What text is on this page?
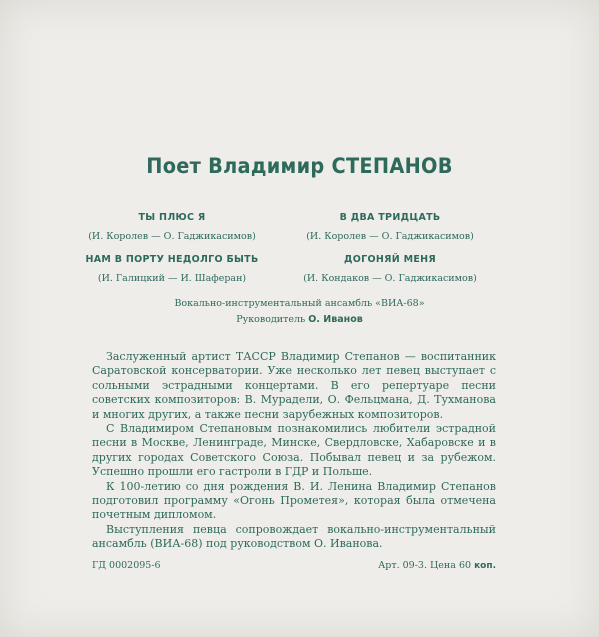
Поет Владимир СТЕПАНОВ
ТЫ ПЛЮС Я
(И. Королев — О. Гаджикасимов)
В ДВА ТРИДЦАТЬ
(И. Королев — О. Гаджикасимов)
НАМ В ПОРТУ НЕДОЛГО БЫТЬ
(И. Галицкий — И. Шаферан)
ДОГОНЯЙ МЕНЯ
(И. Кондаков — О. Гаджикасимов)
Вокально-инструментальный ансамбль «ВИА-68»
Руководитель О. Иванов

Заслуженный артист ТАССР Владимир Степанов — воспитанник Саратовской консерватории. Уже несколько лет певец выступает с сольными эстрадными концертами. В его репертуаре песни советских композиторов: В. Мурадели, О. Фельцмана, Д. Тухманова и многих других, а также песни зарубежных композиторов.

С Владимиром Степановым познакомились любители эстрадной песни в Москве, Ленинграде, Минске, Свердловске, Хабаровске и в других городах Советского Союза. Побывал певец и за рубежом. Успешно прошли его гастроли в ГДР и Польше.

К 100-летию со дня рождения В. И. Ленина Владимир Степанов подготовил программу «Огонь Прометея», которая была отмечена почетным дипломом.

Выступления певца сопровождает вокально-инструментальный ансамбль (ВИА-68) под руководством О. Иванова.

ГД 0002095-6	Арт. 09-3. Цена 60 коп.
